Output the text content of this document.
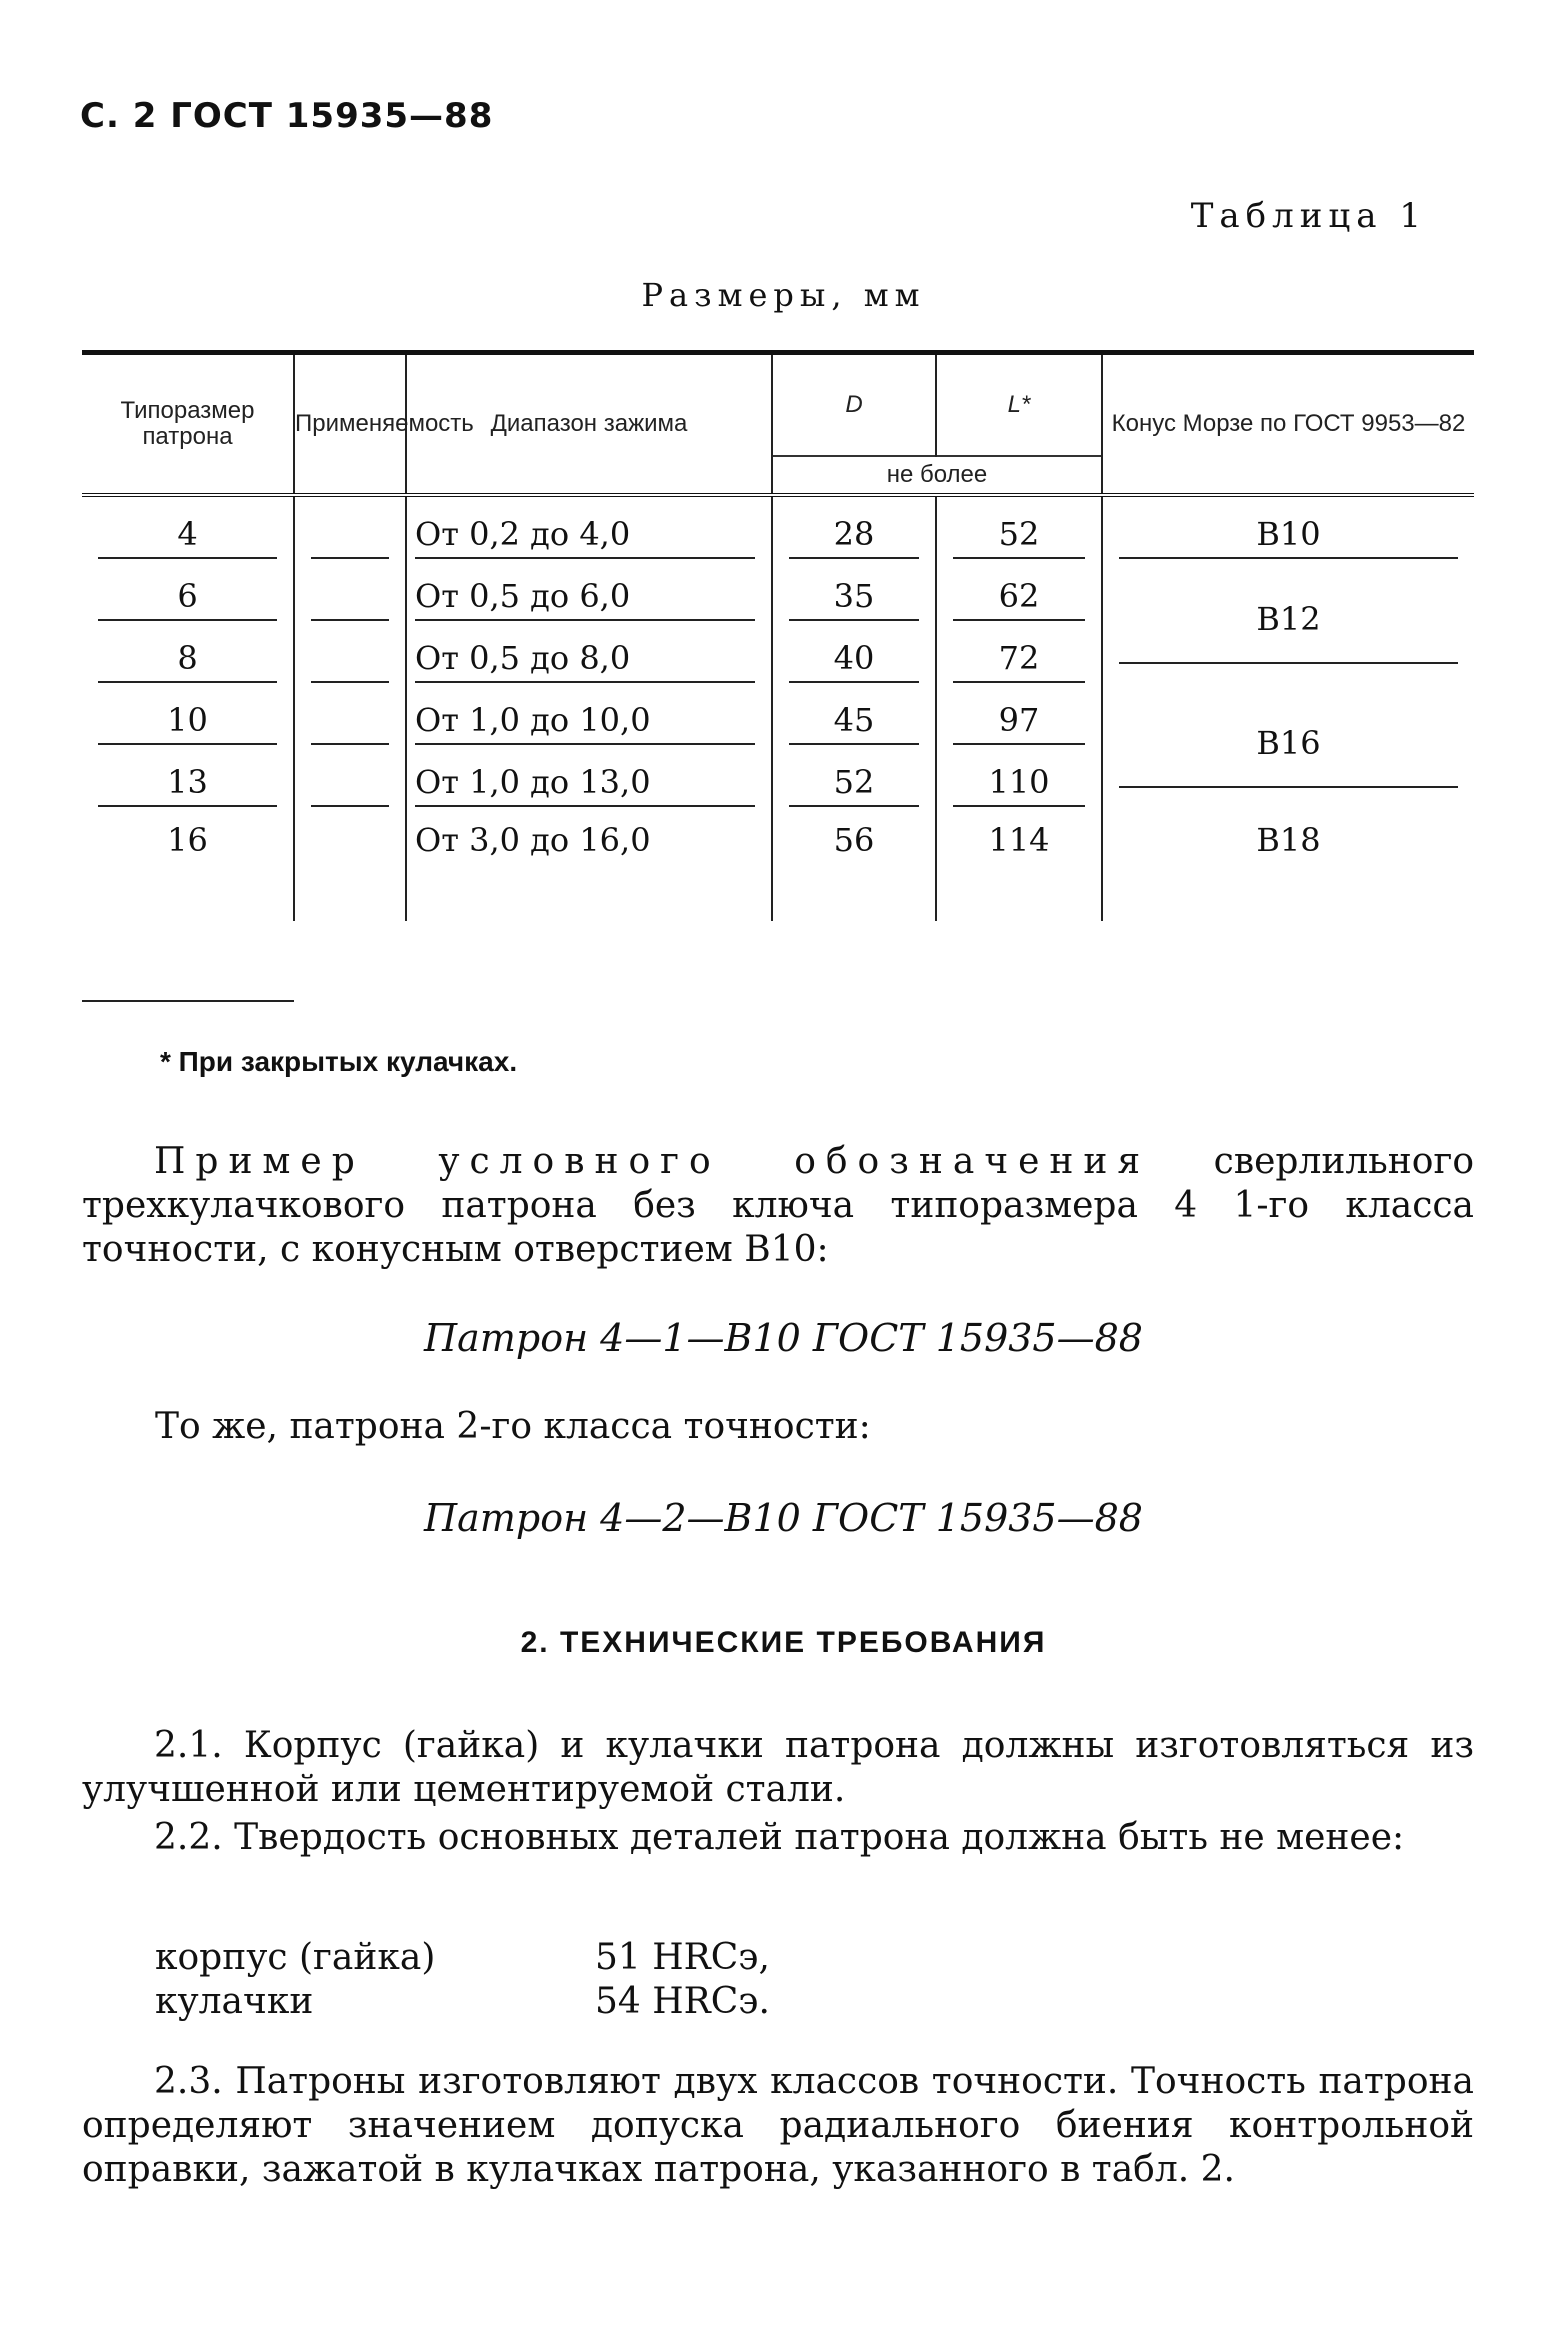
С. 2 ГОСТ 15935—88
Таблица 1
Размеры, мм
Типоразмер патрона	Применяемость	Диапазон зажима	D	L*	Конус Морзе по ГОСТ 9953—82
			не более		

4		От 0,2 до 4,0	28	52	B10

6		От 0,5 до 6,0	35	62	B12

8		От 0,5 до 8,0	40	72	

10		От 1,0 до 10,0	45	97	B16

13		От 1,0 до 13,0	52	110	

16		От 3,0 до 16,0	56	114	B18
* При закрытых кулачках.
Пример условного обозначения сверлильного трехкулачкового патрона без ключа типоразмера 4 1-го класса точности, с конусным отверстием B10:
Патрон 4—1—B10 ГОСТ 15935—88
То же, патрона 2-го класса точности:
Патрон 4—2—B10 ГОСТ 15935—88
2. ТЕХНИЧЕСКИЕ ТРЕБОВАНИЯ
2.1. Корпус (гайка) и кулачки патрона должны изготовляться из улучшенной или цементируемой стали.
2.2. Твердость основных деталей патрона должна быть не менее:
корпус (гайка)	51 HRCэ,
кулачки	54 HRCэ.
2.3. Патроны изготовляют двух классов точности. Точность патрона определяют значением допуска радиального биения контрольной оправки, зажатой в кулачках патрона, указанного в табл. 2.
